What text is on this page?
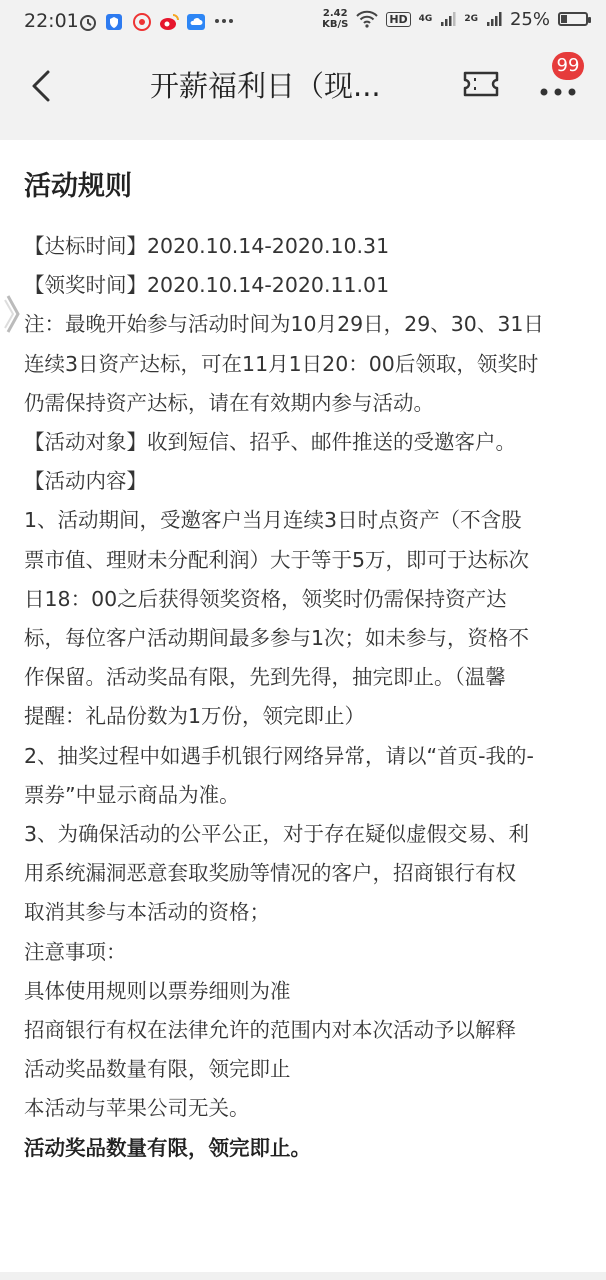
22:01	2.42
KB/S	HD	4G	2G 25%
开薪福利日（现...
99
活动规则
【达标时间】2020.10.14-2020.10.31
【领奖时间】2020.10.14-2020.11.01
注：最晚开始参与活动时间为10月29日，29、30、31日
连续3日资产达标，可在11月1日20：00后领取，领奖时
仍需保持资产达标，请在有效期内参与活动。
【活动对象】收到短信、招乎、邮件推送的受邀客户。
【活动内容】
1、活动期间，受邀客户当月连续3日时点资产（不含股
票市值、理财未分配利润）大于等于5万，即可于达标次
日18：00之后获得领奖资格，领奖时仍需保持资产达
标，每位客户活动期间最多参与1次；如未参与，资格不
作保留。活动奖品有限，先到先得，抽完即止。（温馨
提醒：礼品份数为1万份，领完即止）
2、抽奖过程中如遇手机银行网络异常，请以“首页-我的-
票券”中显示商品为准。
3、为确保活动的公平公正，对于存在疑似虚假交易、利
用系统漏洞恶意套取奖励等情况的客户，招商银行有权
取消其参与本活动的资格；
注意事项：
具体使用规则以票券细则为准
招商银行有权在法律允许的范围内对本次活动予以解释
活动奖品数量有限，领完即止
本活动与苹果公司无关。
活动奖品数量有限，领完即止。
